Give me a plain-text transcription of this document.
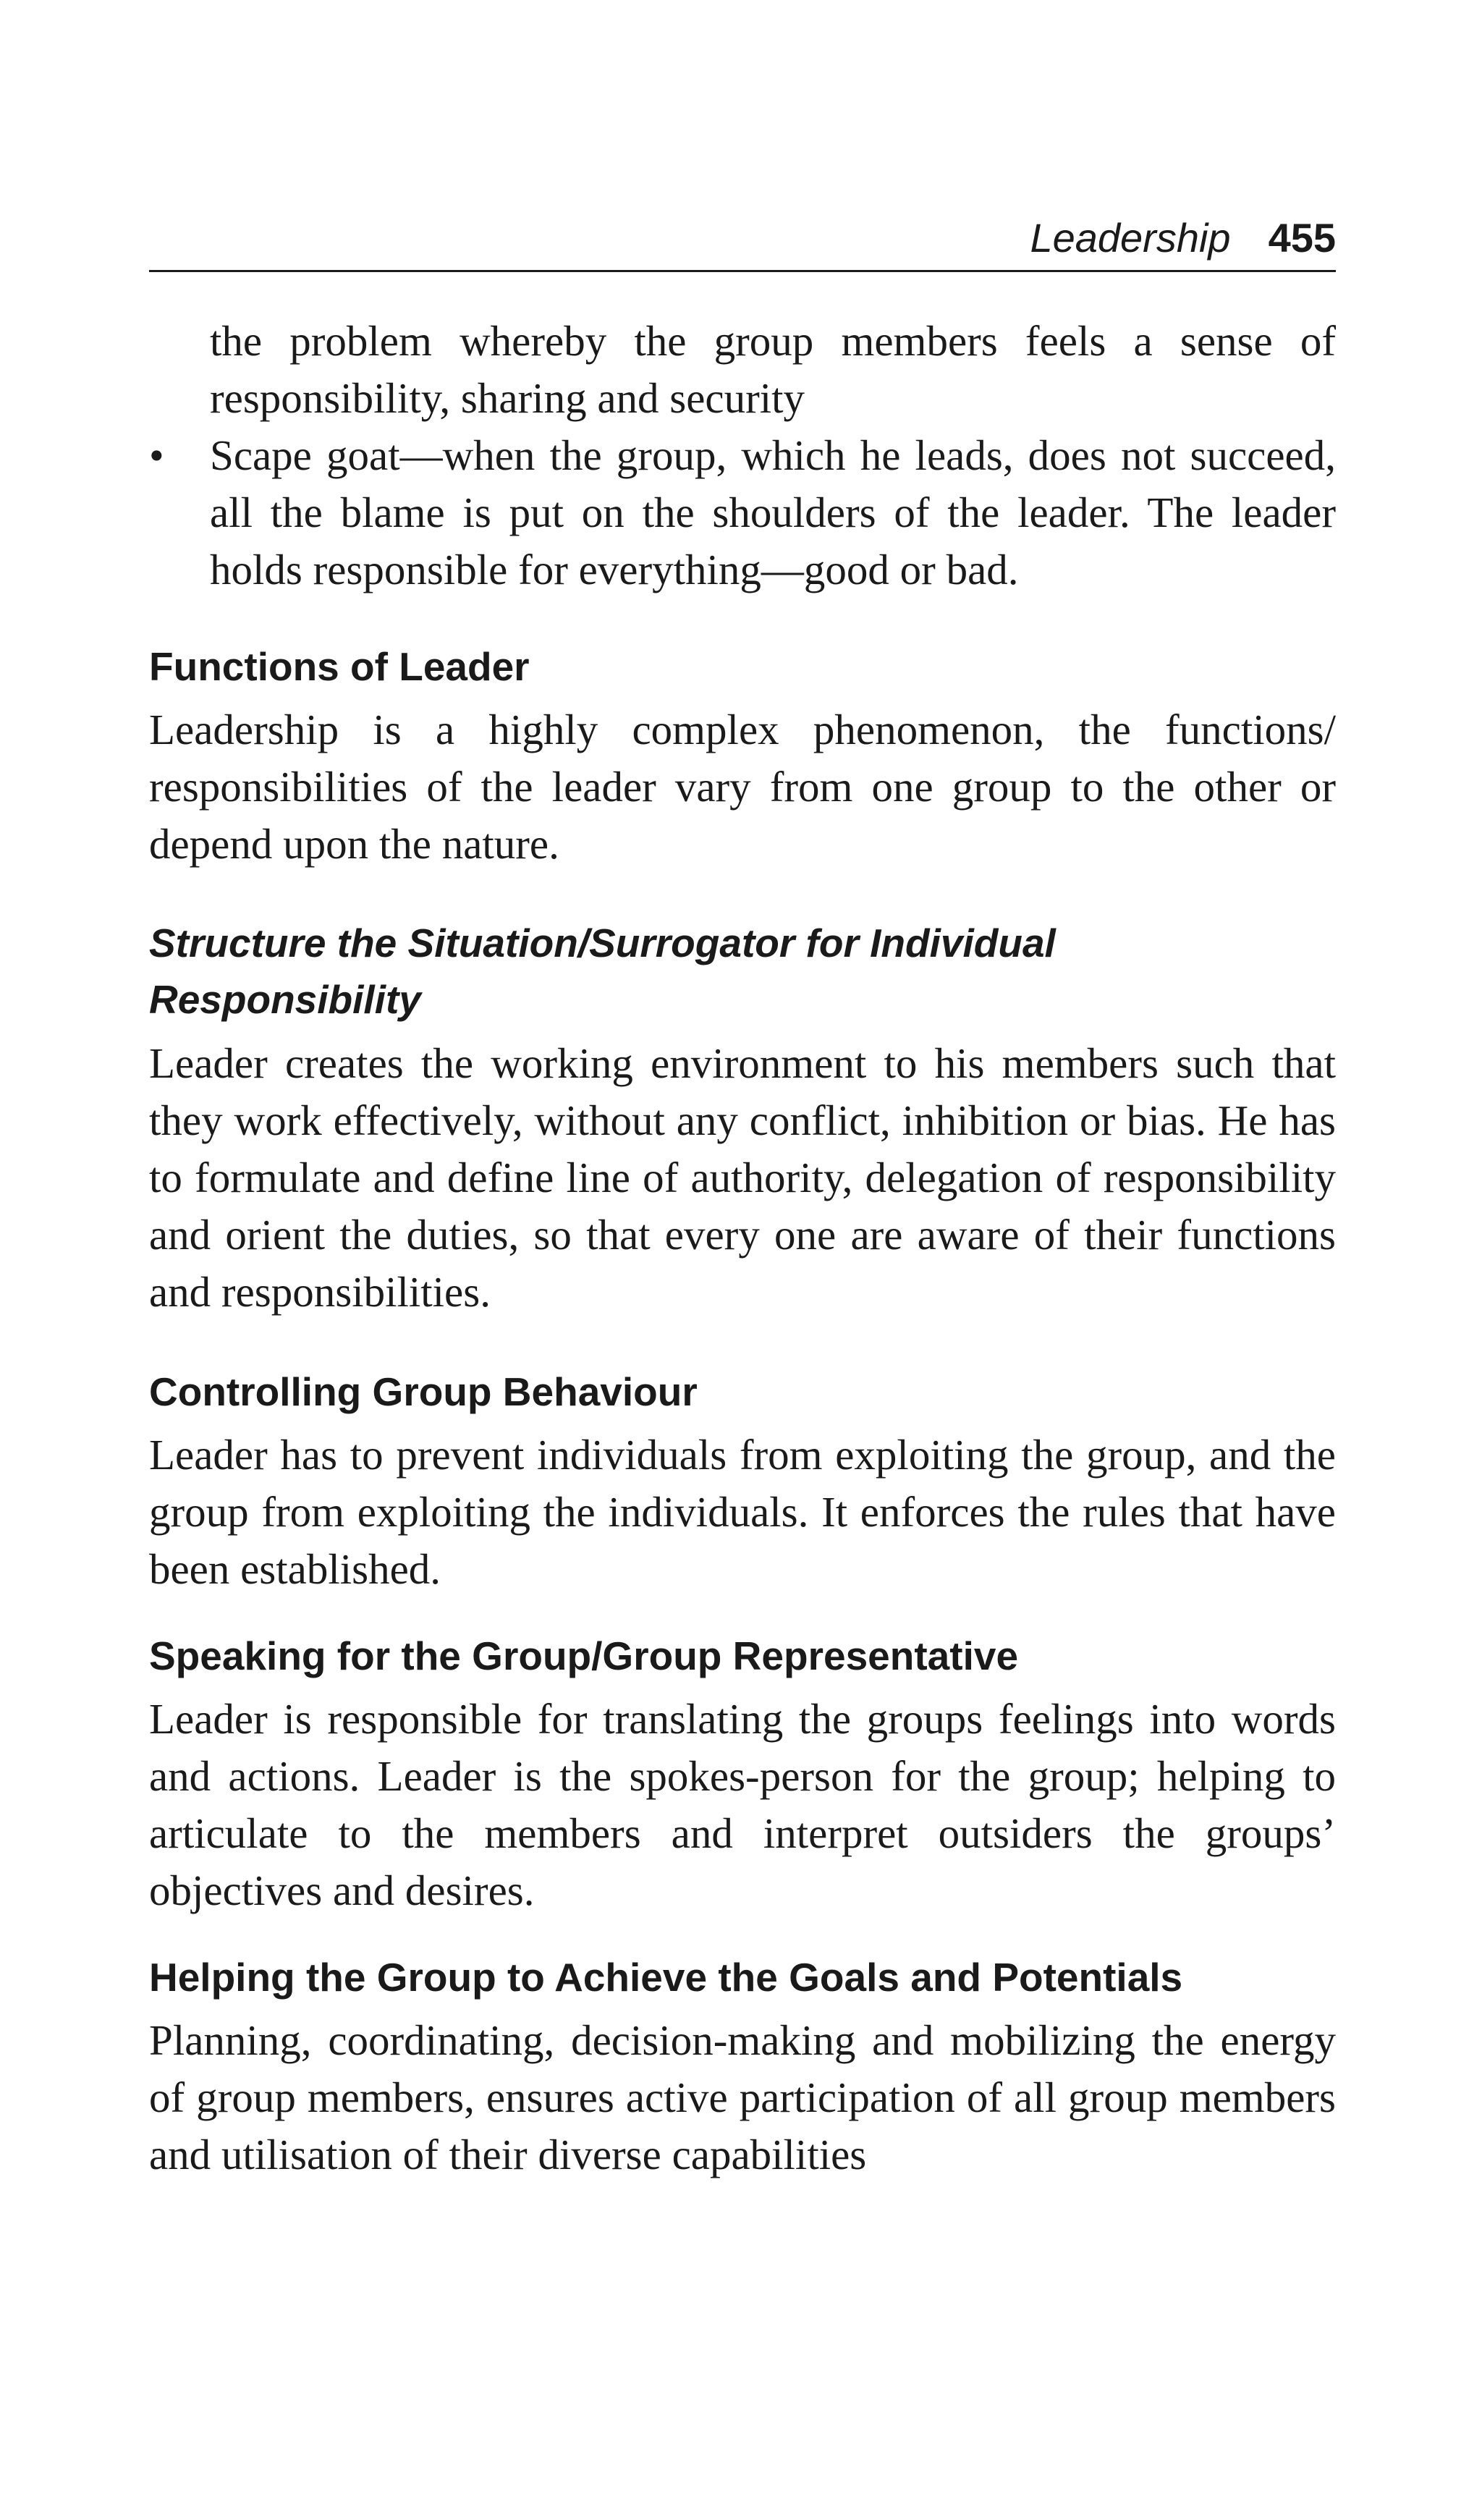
Leadership 455

the problem whereby the group members feels a sense of responsibility, sharing and security

•	Scape goat—when the group, which he leads, does not succeed, all the blame is put on the shoulders of the leader. The leader holds responsible for everything—good or bad.

Functions of Leader

Leadership is a highly complex phenomenon, the functions/ responsibilities of the leader vary from one group to the other or depend upon the nature.

Structure the Situation/Surrogator for Individual Responsibility

Leader creates the working environment to his members such that they work effectively, without any conflict, inhibition or bias. He has to formulate and define line of authority, delegation of responsibility and orient the duties, so that every one are aware of their functions and responsibilities.

Controlling Group Behaviour

Leader has to prevent individuals from exploiting the group, and the group from exploiting the individuals. It enforces the rules that have been established.

Speaking for the Group/Group Representative

Leader is responsible for translating the groups feelings into words and actions. Leader is the spokes-person for the group; helping to articulate to the members and interpret outsiders the groups’ objectives and desires.

Helping the Group to Achieve the Goals and Potentials

Planning, coordinating, decision-making and mobilizing the energy of group members, ensures active participation of all group members and utilisation of their diverse capabilities
